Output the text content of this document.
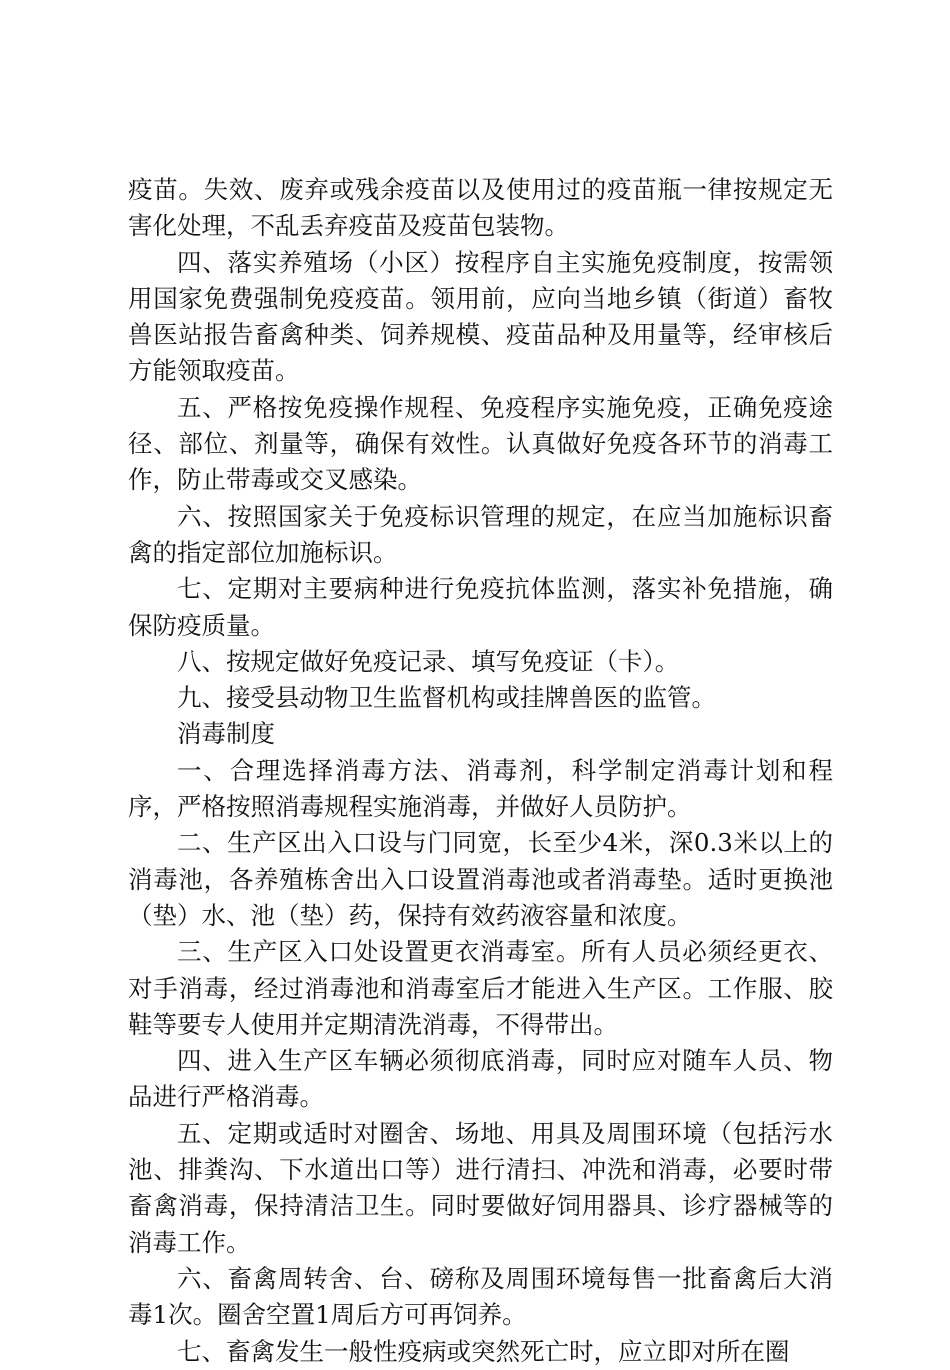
疫苗。失效、废弃或残余疫苗以及使用过的疫苗瓶一律按规定无害化处理，不乱丢弃疫苗及疫苗包装物。

四、落实养殖场（小区）按程序自主实施免疫制度，按需领用国家免费强制免疫疫苗。领用前，应向当地乡镇（街道）畜牧兽医站报告畜禽种类、饲养规模、疫苗品种及用量等，经审核后方能领取疫苗。

五、严格按免疫操作规程、免疫程序实施免疫，正确免疫途径、部位、剂量等，确保有效性。认真做好免疫各环节的消毒工作，防止带毒或交叉感染。

六、按照国家关于免疫标识管理的规定，在应当加施标识畜禽的指定部位加施标识。

七、定期对主要病种进行免疫抗体监测，落实补免措施，确保防疫质量。

八、按规定做好免疫记录、填写免疫证（卡）。

九、接受县动物卫生监督机构或挂牌兽医的监管。

消毒制度

一、合理选择消毒方法、消毒剂，科学制定消毒计划和程序，严格按照消毒规程实施消毒，并做好人员防护。

二、生产区出入口设与门同宽，长至少4米，深0.3米以上的消毒池，各养殖栋舍出入口设置消毒池或者消毒垫。适时更换池（垫）水、池（垫）药，保持有效药液容量和浓度。

三、生产区入口处设置更衣消毒室。所有人员必须经更衣、对手消毒，经过消毒池和消毒室后才能进入生产区。工作服、胶鞋等要专人使用并定期清洗消毒，不得带出。

四、进入生产区车辆必须彻底消毒，同时应对随车人员、物品进行严格消毒。

五、定期或适时对圈舍、场地、用具及周围环境（包括污水池、排粪沟、下水道出口等）进行清扫、冲洗和消毒，必要时带畜禽消毒，保持清洁卫生。同时要做好饲用器具、诊疗器械等的消毒工作。

六、畜禽周转舍、台、磅称及周围环境每售一批畜禽后大消毒1次。圈舍空置1周后方可再饲养。

七、畜禽发生一般性疫病或突然死亡时，应立即对所在圈
